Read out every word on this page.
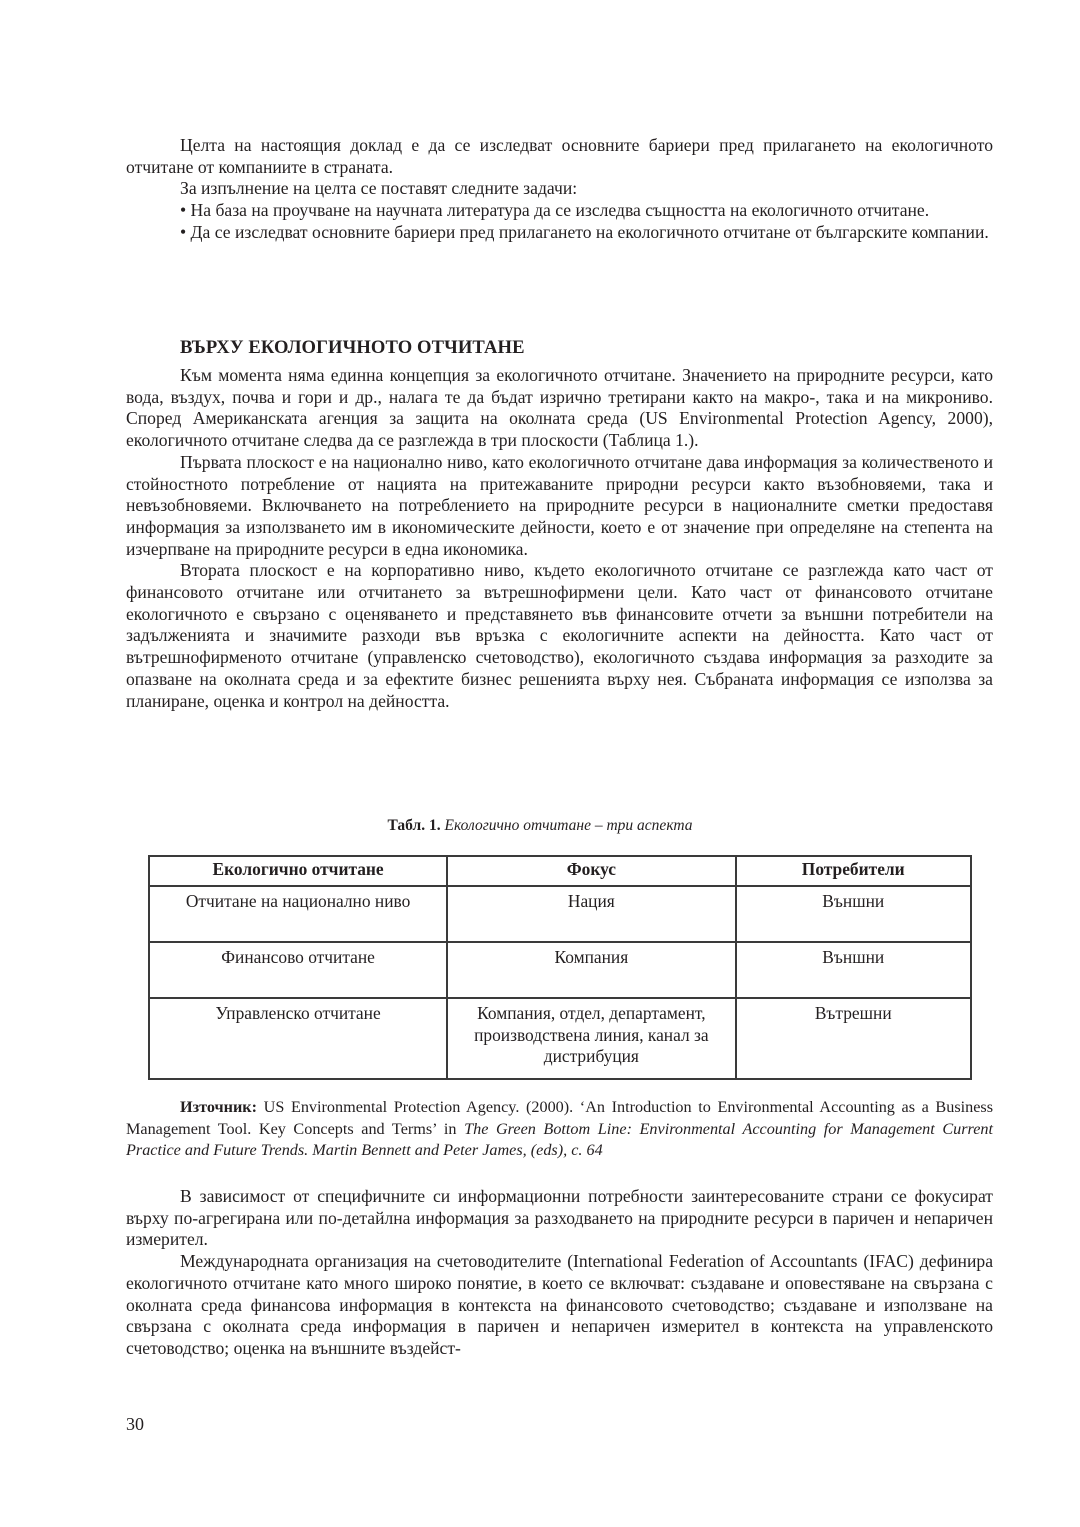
Целта на настоящия доклад е да се изследват основните бариери пред прилагането на екологичното отчитане от компаниите в страната.

За изпълнение на целта се поставят следните задачи:

• На база на проучване на научната литература да се изследва същността на екологичното отчитане.

• Да се изследват основните бариери пред прилагането на екологичното отчитане от българските компании.

ВЪРХУ ЕКОЛОГИЧНОТО ОТЧИТАНЕ

Към момента няма единна концепция за екологичното отчитане. Значението на природните ресурси, като вода, въздух, почва и гори и др., налага те да бъдат изрично третирани както на макро-, така и на микрониво. Според Американската агенция за защита на околната среда (US Environmental Protection Agency, 2000), екологичното отчитане следва да се разглежда в три плоскости (Таблица 1.).

Първата плоскост е на национално ниво, като екологичното отчитане дава информация за количественото и стойностното потребление от нацията на притежаваните природни ресурси както възобновяеми, така и невъзобновяеми. Включването на потреблението на природните ресурси в националните сметки предоставя информация за използването им в икономическите дейности, което е от значение при определяне на степента на изчерпване на природните ресурси в една икономика.

Втората плоскост е на корпоративно ниво, където екологичното отчитане се разглежда като част от финансовото отчитане или отчитането за вътрешнофирмени цели. Като част от финансовото отчитане екологичното е свързано с оценяването и представянето във финансовите отчети за външни потребители на задълженията и значимите разходи във връзка с екологичните аспекти на дейността. Като част от вътрешнофирменото отчитане (управленско счетоводство), екологичното създава информация за разходите за опазване на околната среда и за ефектите бизнес решенията върху нея. Събраната информация се използва за планиране, оценка и контрол на дейността.

Табл. 1. Екологично отчитане – три аспекта
Екологично отчитане	Фокус	Потребители
Отчитане на национално ниво	Нация	Външни
Финансово отчитане	Компания	Външни
Управленско отчитане	Компания, отдел, департамент, производствена линия, канал за дистрибуция	Вътрешни
Източник: US Environmental Protection Agency. (2000). ‘An Introduction to Environmental Accounting as a Business Management Tool. Key Concepts and Terms’ in The Green Bottom Line: Environmental Accounting for Management Current Practice and Future Trends. Martin Bennett and Peter James, (eds), c. 64

В зависимост от специфичните си информационни потребности заинтересованите страни се фокусират върху по-агрегирана или по-детайлна информация за разходването на природните ресурси в паричен и непаричен измерител.

Международната организация на счетоводителите (International Federation of Accountants (IFAC) дефинира екологичното отчитане като много широко понятие, в което се включват: създаване и оповестяване на свързана с околната среда финансова информация в контекста на финансовото счетоводство; създаване и използване на свързана с околната среда информация в паричен и непаричен измерител в контекста на управленското счетоводство; оценка на външните въздейст-

30
